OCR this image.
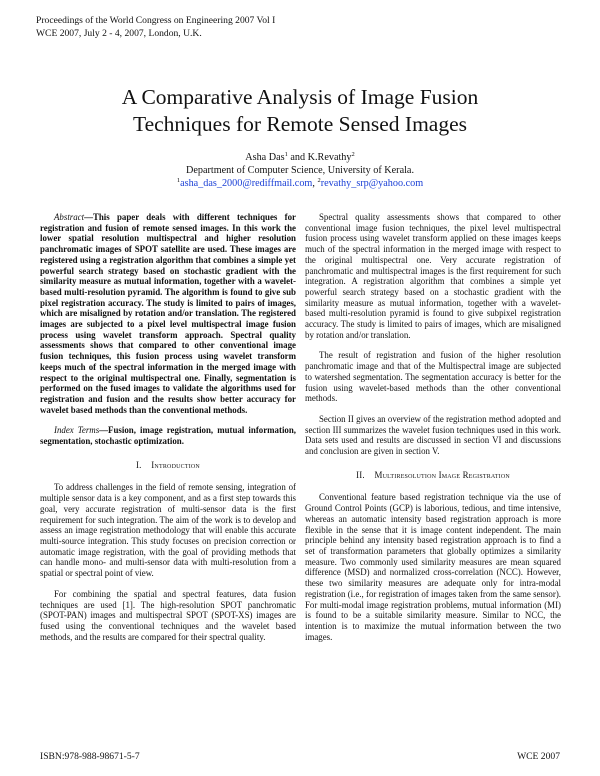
Proceedings of the World Congress on Engineering 2007 Vol I
WCE 2007, July 2 - 4, 2007, London, U.K.
A Comparative Analysis of Image Fusion
Techniques for Remote Sensed Images
Asha Das$^1$ and K.Revathy$^2$
Department of Computer Science, University of Kerala.
$^1$asha_das_2000@rediffmail.com, $^2$revathy_srp@yahoo.com

Abstract—This paper deals with different techniques for registration and fusion of remote sensed images. In this work the lower spatial resolution multispectral and higher resolution panchromatic images of SPOT satellite are used. These images are registered using a registration algorithm that combines a simple yet powerful search strategy based on stochastic gradient with the similarity measure as mutual information, together with a wavelet-based multi-resolution pyramid. The algorithm is found to give sub pixel registration accuracy. The study is limited to pairs of images, which are misaligned by rotation and/or translation. The registered images are subjected to a pixel level multispectral image fusion process using wavelet transform approach. Spectral quality assessments shows that compared to other conventional image fusion techniques, this fusion process using wavelet transform keeps much of the spectral information in the merged image with respect to the original multispectral one. Finally, segmentation is performed on the fused images to validate the algorithms used for registration and fusion and the results show better accuracy for wavelet based methods than the conventional methods.

Index Terms—Fusion, image registration, mutual information, segmentation, stochastic optimization.

I. Introduction

To address challenges in the field of remote sensing, integration of multiple sensor data is a key component, and as a first step towards this goal, very accurate registration of multi-sensor data is the first requirement for such integration. The aim of the work is to develop and assess an image registration methodology that will enable this accurate multi-source integration. This study focuses on precision correction or automatic image registration, with the goal of providing methods that can handle mono- and multi-sensor data with multi-resolution from a spatial or spectral point of view.

For combining the spatial and spectral features, data fusion techniques are used [1]. The high-resolution SPOT panchromatic (SPOT-PAN) images and multispectral SPOT (SPOT-XS) images are fused using the conventional techniques and the wavelet based methods, and the results are compared for their spectral quality.

Spectral quality assessments shows that compared to other conventional image fusion techniques, the pixel level multispectral fusion process using wavelet transform applied on these images keeps much of the spectral information in the merged image with respect to the original multispectral one. Very accurate registration of panchromatic and multispectral images is the first requirement for such integration. A registration algorithm that combines a simple yet powerful search strategy based on a stochastic gradient with the similarity measure as mutual information, together with a wavelet-based multi-resolution pyramid is found to give subpixel registration accuracy. The study is limited to pairs of images, which are misaligned by rotation and/or translation.

The result of registration and fusion of the higher resolution panchromatic image and that of the Multispectral image are subjected to watershed segmentation. The segmentation accuracy is better for the fusion using wavelet-based methods than the other conventional methods.

Section II gives an overview of the registration method adopted and section III summarizes the wavelet fusion techniques used in this work. Data sets used and results are discussed in section VI and discussions and conclusion are given in section V.

II. Multiresolution Image Registration

Conventional feature based registration technique via the use of Ground Control Points (GCP) is laborious, tedious, and time intensive, whereas an automatic intensity based registration approach is more flexible in the sense that it is image content independent. The main principle behind any intensity based registration approach is to find a set of transformation parameters that globally optimizes a similarity measure. Two commonly used similarity measures are mean squared difference (MSD) and normalized cross-correlation (NCC). However, these two similarity measures are adequate only for intra-modal registration (i.e., for registration of images taken from the same sensor). For multi-modal image registration problems, mutual information (MI) is found to be a suitable similarity measure. Similar to NCC, the intention is to maximize the mutual information between the two images.

ISBN:978-988-98671-5-7	WCE 2007
